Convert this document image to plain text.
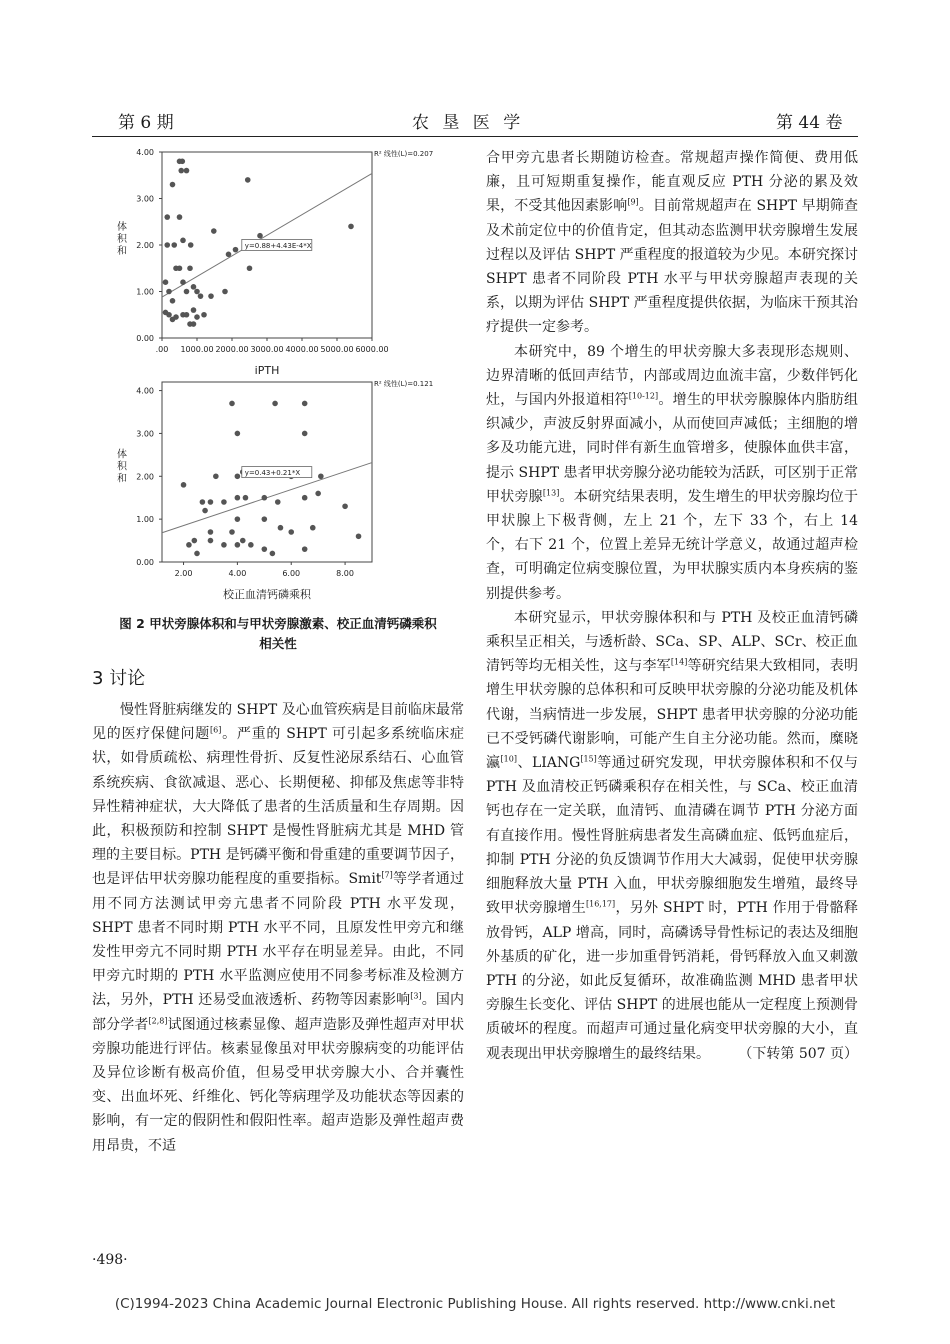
第 6 期	农 垦 医 学	第 44 卷
0.00
1.00
2.00
3.00
4.00
.00 1000.00 2000.00 3000.00 4000.00 5000.00 6000.00
R² 线性(L)=0.207
y=0.88+4.43E-4*X
体
积
和
iPTH
0.00
1.00
2.00
3.00
4.00
2.00	4.00	6.00	8.00
R² 线性(L)=0.121
y=0.43+0.21*X
体
积
和
校正血清钙磷乘积
图 2 甲状旁腺体积和与甲状旁腺激素、校正血清钙磷乘积
相关性
3 讨论

慢性肾脏病继发的 SHPT 及心血管疾病是目前临床最常见的医疗保健问题[6]。严重的 SHPT 可引起多系统临床症状，如骨质疏松、病理性骨折、反复性泌尿系结石、心血管系统疾病、食欲减退、恶心、长期便秘、抑郁及焦虑等非特异性精神症状，大大降低了患者的生活质量和生存周期。因此，积极预防和控制 SHPT 是慢性肾脏病尤其是 MHD 管理的主要目标。PTH 是钙磷平衡和骨重建的重要调节因子，也是评估甲状旁腺功能程度的重要指标。Smit[7]等学者通过用不同方法测试甲旁亢患者不同阶段 PTH 水平发现，SHPT 患者不同时期 PTH 水平不同，且原发性甲旁亢和继发性甲旁亢不同时期 PTH 水平存在明显差异。由此，不同甲旁亢时期的 PTH 水平监测应使用不同参考标准及检测方法，另外，PTH 还易受血液透析、药物等因素影响[3]。国内部分学者[2,8]试图通过核素显像、超声造影及弹性超声对甲状旁腺功能进行评估。核素显像虽对甲状旁腺病变的功能评估及异位诊断有极高价值，但易受甲状旁腺大小、合并囊性变、出血坏死、纤维化、钙化等病理学及功能状态等因素的影响，有一定的假阴性和假阳性率。超声造影及弹性超声费用昂贵，不适

合甲旁亢患者长期随访检查。常规超声操作简便、费用低廉，且可短期重复操作，能直观反应 PTH 分泌的累及效果，不受其他因素影响[9]。目前常规超声在 SHPT 早期筛查及术前定位中的价值肯定，但其动态监测甲状旁腺增生发展过程以及评估 SHPT 严重程度的报道较为少见。本研究探讨 SHPT 患者不同阶段 PTH 水平与甲状旁腺超声表现的关系，以期为评估 SHPT 严重程度提供依据，为临床干预其治疗提供一定参考。

本研究中，89 个增生的甲状旁腺大多表现形态规则、边界清晰的低回声结节，内部或周边血流丰富，少数伴钙化灶，与国内外报道相符[10-12]。增生的甲状旁腺腺体内脂肪组织减少，声波反射界面减小，从而使回声减低；主细胞的增多及功能亢进，同时伴有新生血管增多，使腺体血供丰富，提示 SHPT 患者甲状旁腺分泌功能较为活跃，可区别于正常甲状旁腺[13]。本研究结果表明，发生增生的甲状旁腺均位于甲状腺上下极背侧，左上 21 个，左下 33 个，右上 14 个，右下 21 个，位置上差异无统计学意义，故通过超声检查，可明确定位病变腺位置，为甲状腺实质内本身疾病的鉴别提供参考。

本研究显示，甲状旁腺体积和与 PTH 及校正血清钙磷乘积呈正相关，与透析龄、SCa、SP、ALP、SCr、校正血清钙等均无相关性，这与李军[14]等研究结果大致相同，表明增生甲状旁腺的总体积和可反映甲状旁腺的分泌功能及机体代谢，当病情进一步发展，SHPT 患者甲状旁腺的分泌功能已不受钙磷代谢影响，可能产生自主分泌功能。然而，糜晓瀛[10]、LIANG[15]等通过研究发现，甲状旁腺体积和不仅与 PTH 及血清校正钙磷乘积存在相关性，与 SCa、校正血清钙也存在一定关联，血清钙、血清磷在调节 PTH 分泌方面有直接作用。慢性肾脏病患者发生高磷血症、低钙血症后，抑制 PTH 分泌的负反馈调节作用大大减弱，促使甲状旁腺细胞释放大量 PTH 入血，甲状旁腺细胞发生增殖，最终导致甲状旁腺增生[16,17]，另外 SHPT 时，PTH 作用于骨骼释放骨钙，ALP 增高，同时，高磷诱导骨性标记的表达及细胞外基质的矿化，进一步加重骨钙消耗，骨钙释放入血又刺激 PTH 的分泌，如此反复循环，故准确监测 MHD 患者甲状旁腺生长变化、评估 SHPT 的进展也能从一定程度上预测骨质破坏的程度。而超声可通过量化病变甲状旁腺的大小，直观表现出甲状旁腺增生的最终结果。	（下转第 507 页）

·498·
(C)1994-2023 China Academic Journal Electronic Publishing House. All rights reserved. http://www.cnki.net
